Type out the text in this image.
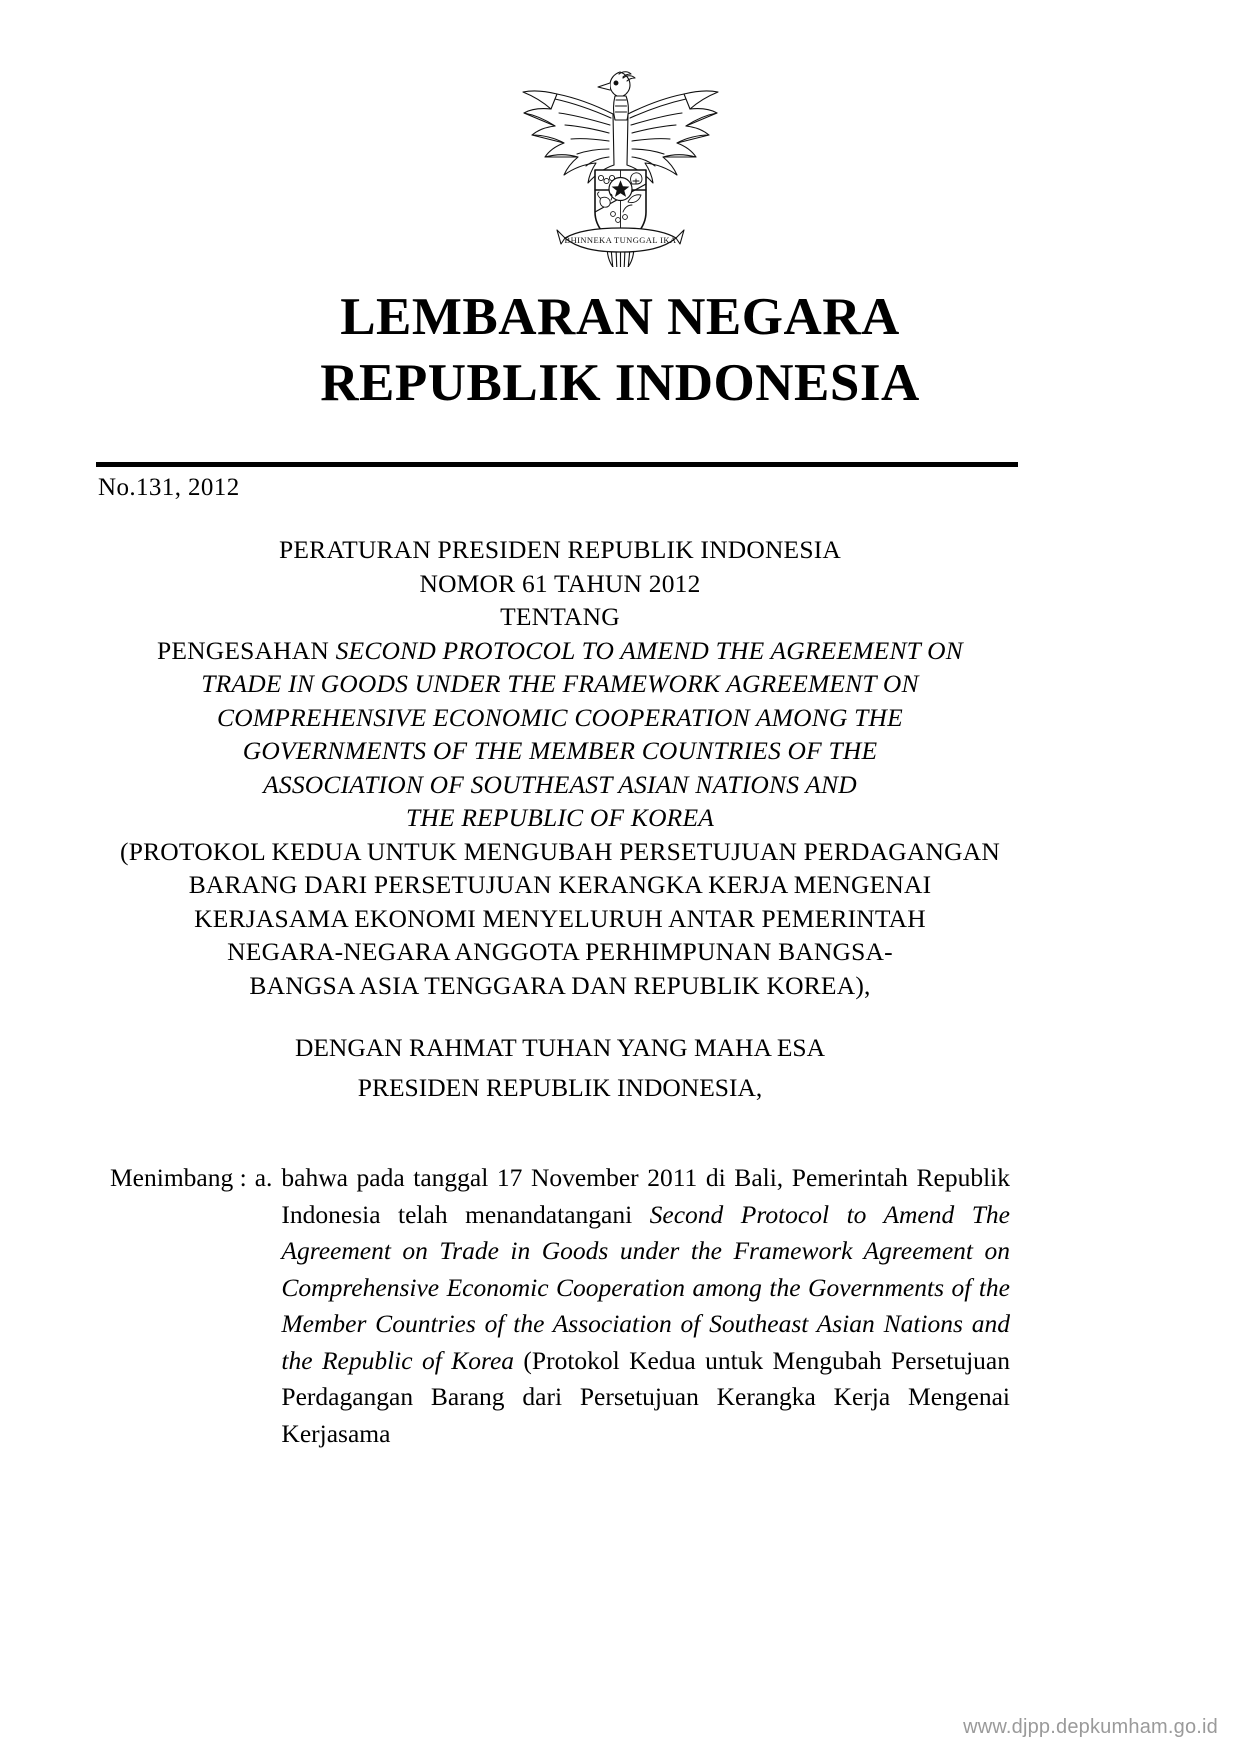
BHINNEKA TUNGGAL IKA
LEMBARAN NEGARA
REPUBLIK INDONESIA
No.131, 2012
PERATURAN PRESIDEN REPUBLIK INDONESIA
NOMOR 61 TAHUN 2012
TENTANG
PENGESAHAN SECOND PROTOCOL TO AMEND THE AGREEMENT ON
TRADE IN GOODS UNDER THE FRAMEWORK AGREEMENT ON
COMPREHENSIVE ECONOMIC COOPERATION AMONG THE
GOVERNMENTS OF THE MEMBER COUNTRIES OF THE
ASSOCIATION OF SOUTHEAST ASIAN NATIONS AND
THE REPUBLIC OF KOREA
(PROTOKOL KEDUA UNTUK MENGUBAH PERSETUJUAN PERDAGANGAN
BARANG DARI PERSETUJUAN KERANGKA KERJA MENGENAI
KERJASAMA EKONOMI MENYELURUH ANTAR PEMERINTAH
NEGARA-NEGARA ANGGOTA PERHIMPUNAN BANGSA-
BANGSA ASIA TENGGARA DAN REPUBLIK KOREA),
DENGAN RAHMAT TUHAN YANG MAHA ESA
PRESIDEN REPUBLIK INDONESIA,
Menimbang : a. bahwa pada tanggal 17 November 2011 di Bali, Pemerintah Republik Indonesia telah menandatangani Second Protocol to Amend The Agreement on Trade in Goods under the Framework Agreement on Comprehensive Economic Cooperation among the Governments of the Member Countries of the Association of Southeast Asian Nations and the Republic of Korea (Protokol Kedua untuk Mengubah Persetujuan Perdagangan Barang dari Persetujuan Kerangka Kerja Mengenai Kerjasama
www.djpp.depkumham.go.id
